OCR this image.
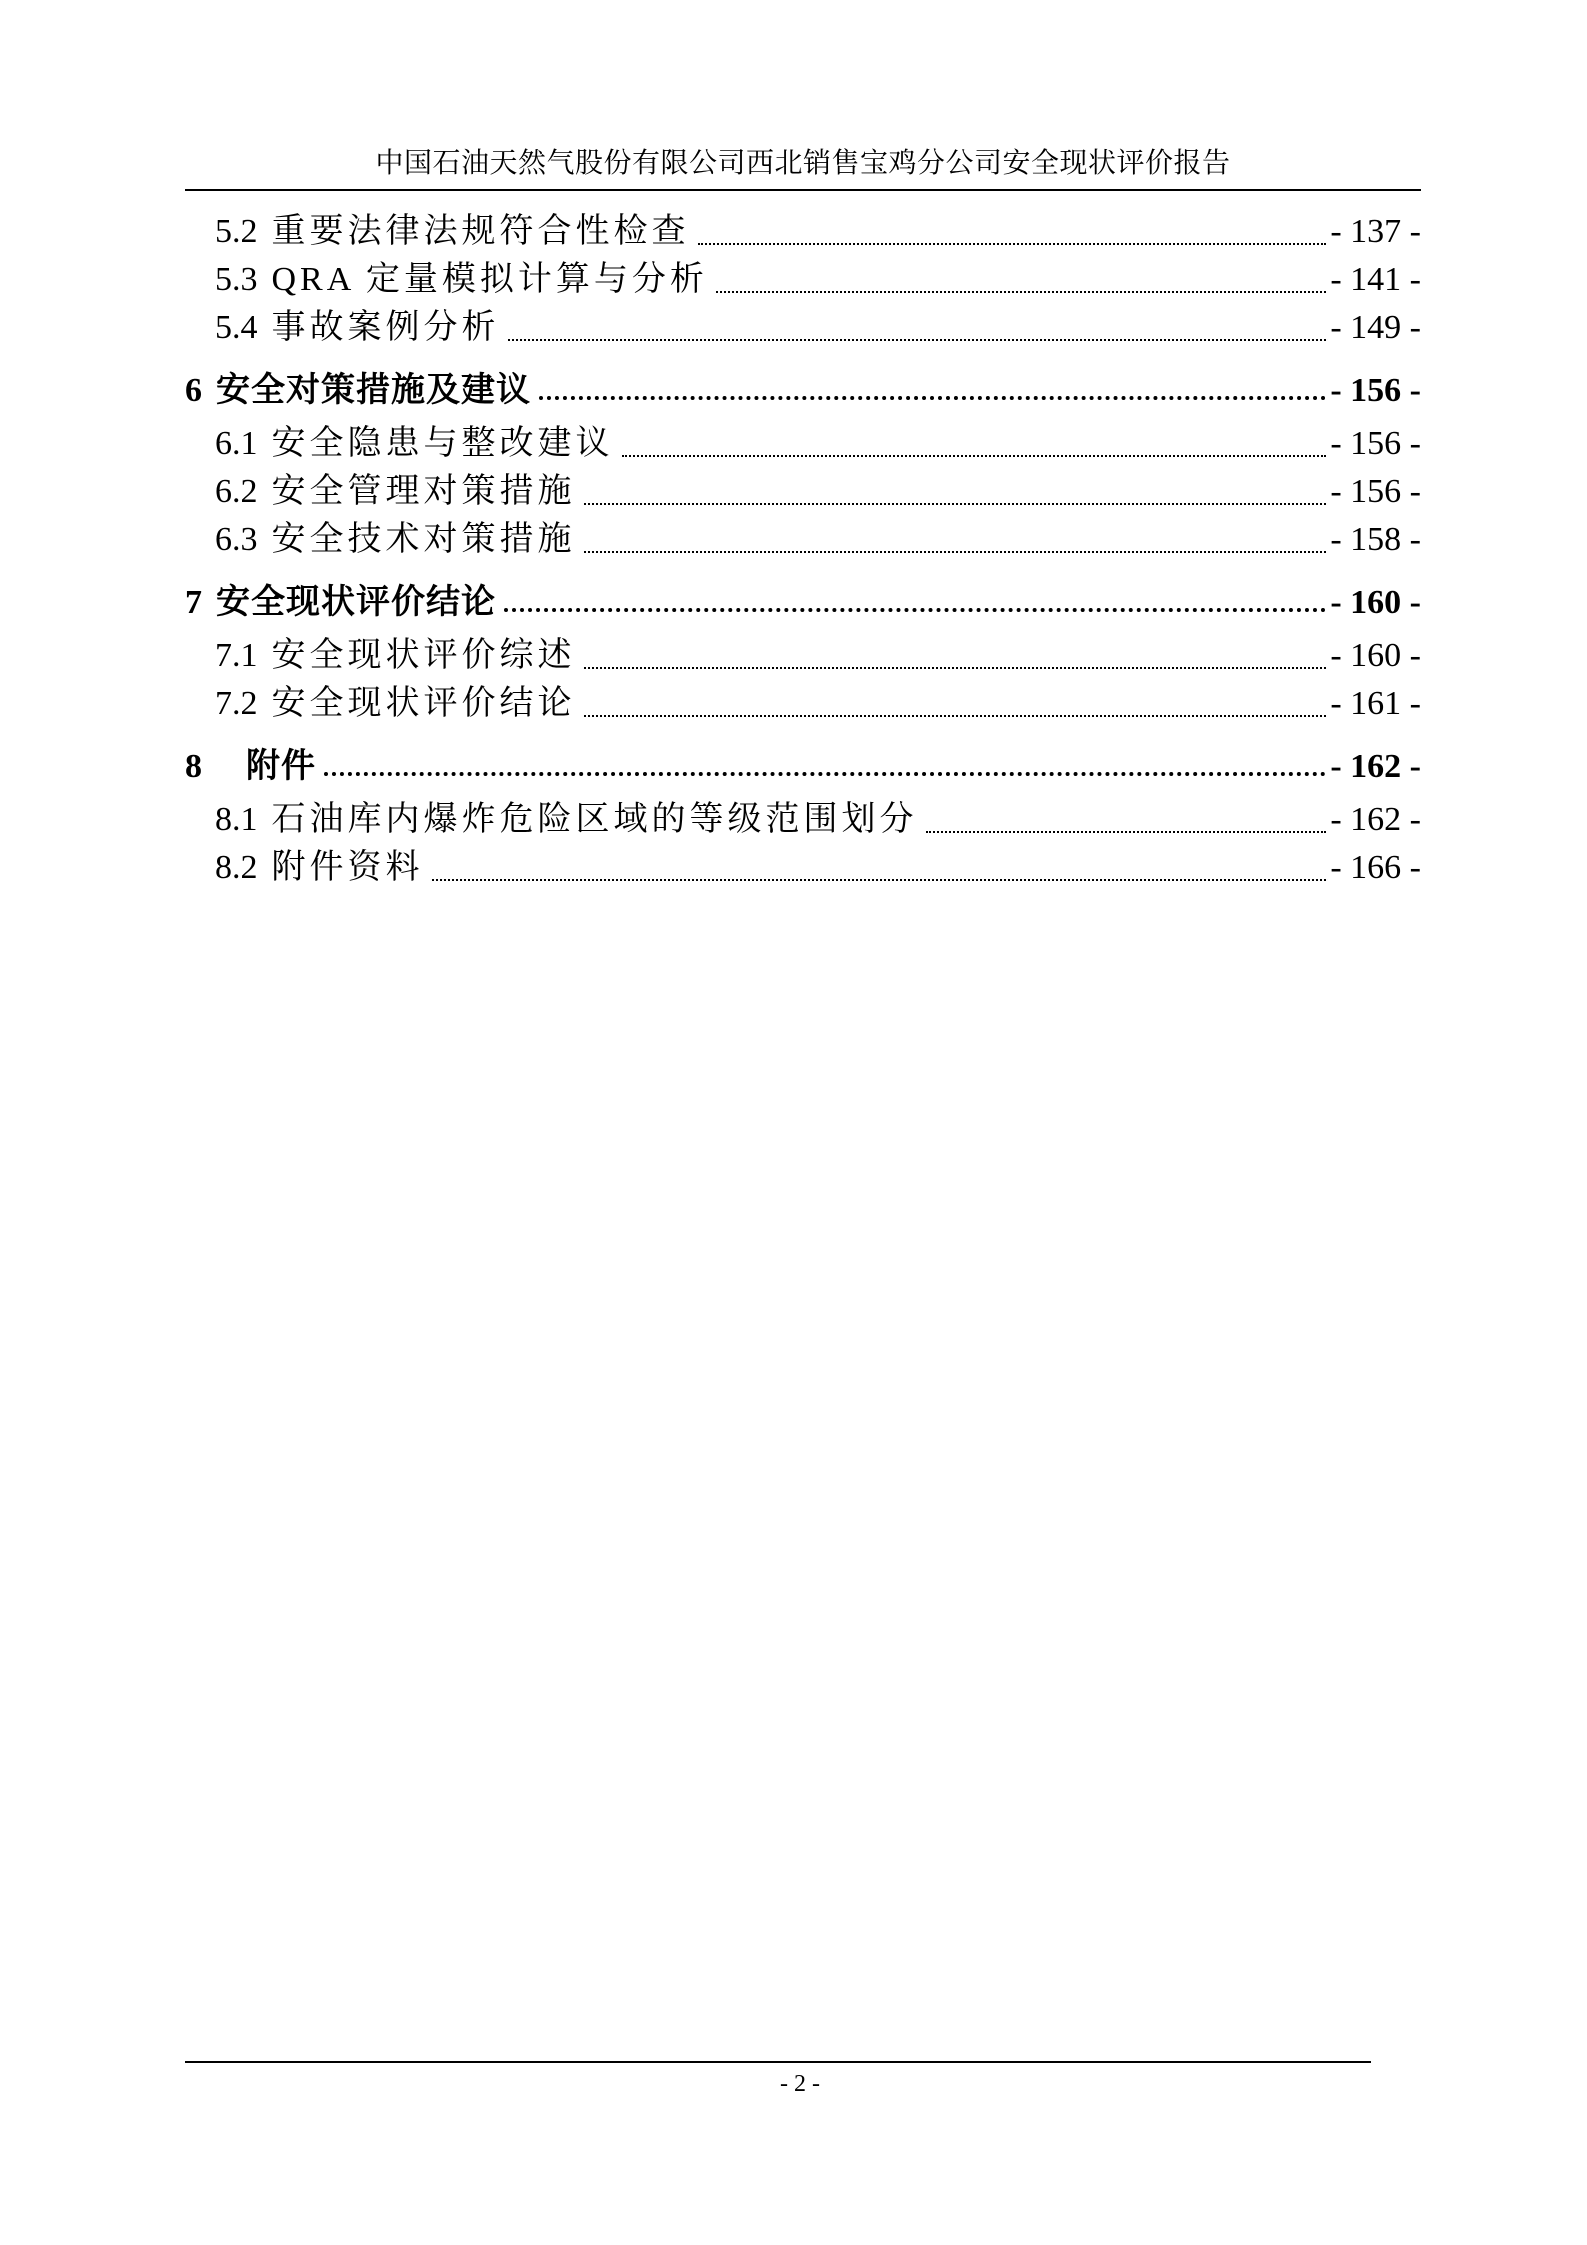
中国石油天然气股份有限公司西北销售宝鸡分公司安全现状评价报告
5.2 重要法律法规符合性检查	- 137 -
5.3 QRA 定量模拟计算与分析	- 141 -
5.4 事故案例分析	- 149 -
6 安全对策措施及建议	- 156 -
6.1 安全隐患与整改建议	- 156 -
6.2 安全管理对策措施	- 156 -
6.3 安全技术对策措施	- 158 -
7 安全现状评价结论	- 160 -
7.1 安全现状评价综述	- 160 -
7.2 安全现状评价结论	- 161 -
8 附件	- 162 -
8.1 石油库内爆炸危险区域的等级范围划分	- 162 -
8.2 附件资料	- 166 -
- 2 -
